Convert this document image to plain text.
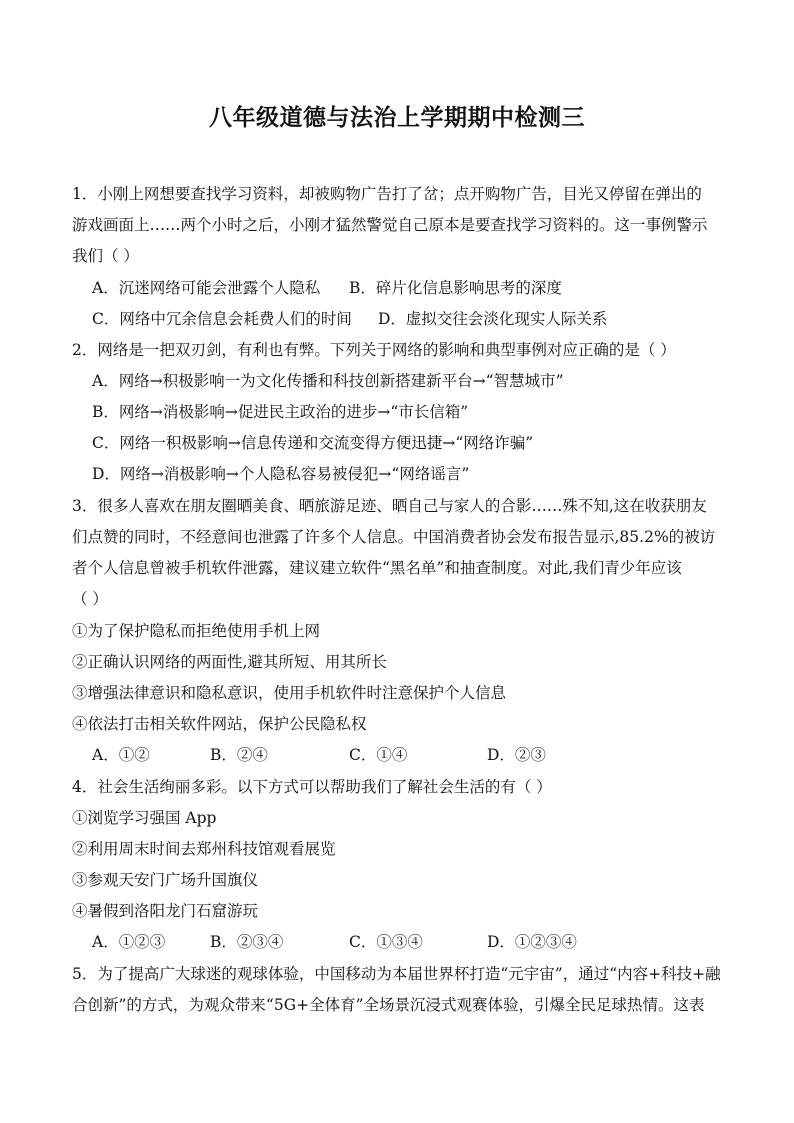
八年级道德与法治上学期期中检测三
1．小刚上网想要查找学习资料，却被购物广告打了岔；点开购物广告，目光又停留在弹出的
游戏画面上……两个小时之后，小刚才猛然警觉自己原本是要查找学习资料的。这一事例警示
我们（ ）
A．沉迷网络可能会泄露个人隐私 B．碎片化信息影响思考的深度
C．网络中冗余信息会耗费人们的时间 D．虚拟交往会淡化现实人际关系
2．网络是一把双刃剑，有利也有弊。下列关于网络的影响和典型事例对应正确的是（ ）
A．网络→积极影响一为文化传播和科技创新搭建新平台→“智慧城市”
B．网络→消极影响→促进民主政治的进步→“市长信箱”
C．网络一积极影响→信息传递和交流变得方便迅捷→“网络诈骗”
D．网络→消极影响→个人隐私容易被侵犯→“网络谣言”
3．很多人喜欢在朋友圈晒美食、晒旅游足迹、晒自己与家人的合影……殊不知,这在收获朋友
们点赞的同时，不经意间也泄露了许多个人信息。中国消费者协会发布报告显示,85.2%的被访
者个人信息曾被手机软件泄露，建议建立软件“黑名单”和抽查制度。对此,我们青少年应该
（ ）
①为了保护隐私而拒绝使用手机上网
②正确认识网络的两面性,避其所短、用其所长
③增强法律意识和隐私意识，使用手机软件时注意保护个人信息
④依法打击相关软件网站，保护公民隐私权
A．①②	B．②④	C．①④	D．②③
4．社会生活绚丽多彩。以下方式可以帮助我们了解社会生活的有（ ）
①浏览学习强国 App
②利用周末时间去郑州科技馆观看展览
③参观天安门广场升国旗仪
④暑假到洛阳龙门石窟游玩
A．①②③	B．②③④	C．①③④	D．①②③④
5．为了提高广大球迷的观球体验，中国移动为本届世界杯打造“元宇宙”，通过“内容+科技+融
合创新”的方式，为观众带来“5G+全体育”全场景沉浸式观赛体验，引爆全民足球热情。这表
